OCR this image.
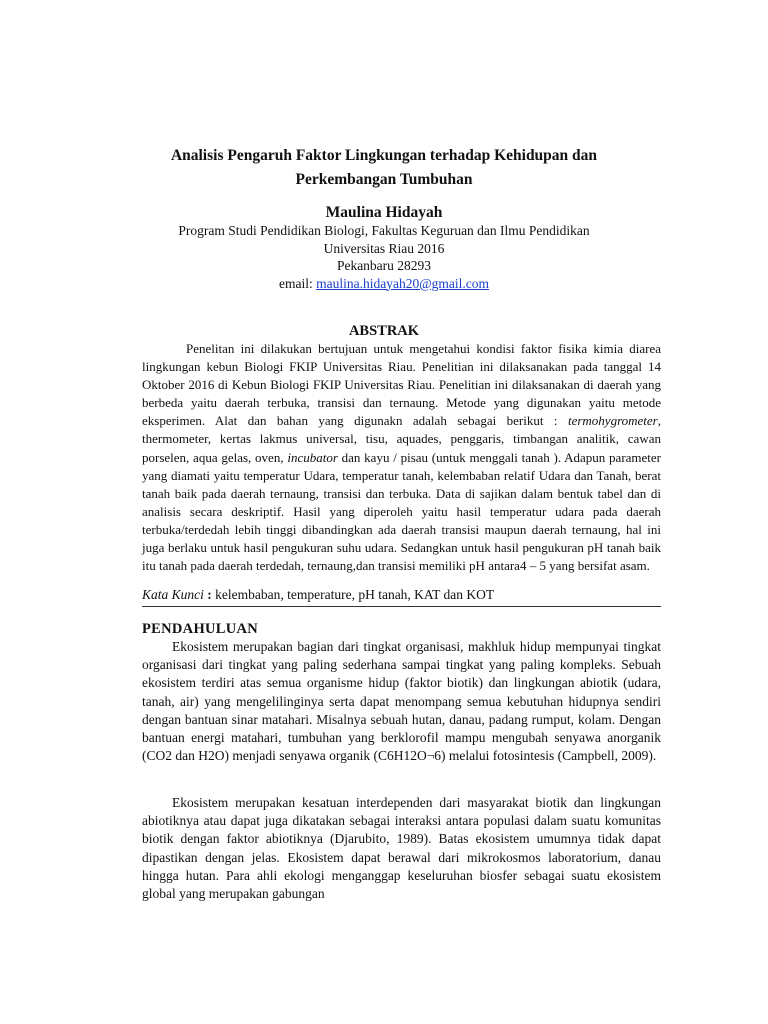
Analisis Pengaruh Faktor Lingkungan terhadap Kehidupan dan
Perkembangan Tumbuhan
Maulina Hidayah
Program Studi Pendidikan Biologi, Fakultas Keguruan dan Ilmu Pendidikan
Universitas Riau 2016
Pekanbaru 28293
email: maulina.hidayah20@gmail.com
ABSTRAK

Penelitan ini dilakukan bertujuan untuk mengetahui kondisi faktor fisika kimia diarea lingkungan kebun Biologi FKIP Universitas Riau. Penelitian ini dilaksanakan pada tanggal 14 Oktober 2016 di Kebun Biologi FKIP Universitas Riau. Penelitian ini dilaksanakan di daerah yang berbeda yaitu daerah terbuka, transisi dan ternaung. Metode yang digunakan yaitu metode eksperimen. Alat dan bahan yang digunakn adalah sebagai berikut : termohygrometer, thermometer, kertas lakmus universal, tisu, aquades, penggaris, timbangan analitik, cawan porselen, aqua gelas, oven, incubator dan kayu / pisau (untuk menggali tanah ). Adapun parameter yang diamati yaitu temperatur Udara, temperatur tanah, kelembaban relatif Udara dan Tanah, berat tanah baik pada daerah ternaung, transisi dan terbuka. Data di sajikan dalam bentuk tabel dan di analisis secara deskriptif. Hasil yang diperoleh yaitu hasil temperatur udara pada daerah terbuka/terdedah lebih tinggi dibandingkan ada daerah transisi maupun daerah ternaung, hal ini juga berlaku untuk hasil pengukuran suhu udara. Sedangkan untuk hasil pengukuran pH tanah baik itu tanah pada daerah terdedah, ternaung,dan transisi memiliki pH antara4 – 5 yang bersifat asam.

Kata Kunci : kelembaban, temperature, pH tanah, KAT dan KOT

PENDAHULUAN

Ekosistem merupakan bagian dari tingkat organisasi, makhluk hidup mempunyai tingkat organisasi dari tingkat yang paling sederhana sampai tingkat yang paling kompleks. Sebuah ekosistem terdiri atas semua organisme hidup (faktor biotik) dan lingkungan abiotik (udara, tanah, air) yang mengelilinginya serta dapat menompang semua kebutuhan hidupnya sendiri dengan bantuan sinar matahari. Misalnya sebuah hutan, danau, padang rumput, kolam. Dengan bantuan energi matahari, tumbuhan yang berklorofil mampu mengubah senyawa anorganik (CO2 dan H2O) menjadi senyawa organik (C6H12O¬6) melalui fotosintesis (Campbell, 2009).

Ekosistem merupakan kesatuan interdependen dari masyarakat biotik dan lingkungan abiotiknya atau dapat juga dikatakan sebagai interaksi antara populasi dalam suatu komunitas biotik dengan faktor abiotiknya (Djarubito, 1989). Batas ekosistem umumnya tidak dapat dipastikan dengan jelas. Ekosistem dapat berawal dari mikrokosmos laboratorium, danau hingga hutan. Para ahli ekologi menganggap keseluruhan biosfer sebagai suatu ekosistem global yang merupakan gabungan
